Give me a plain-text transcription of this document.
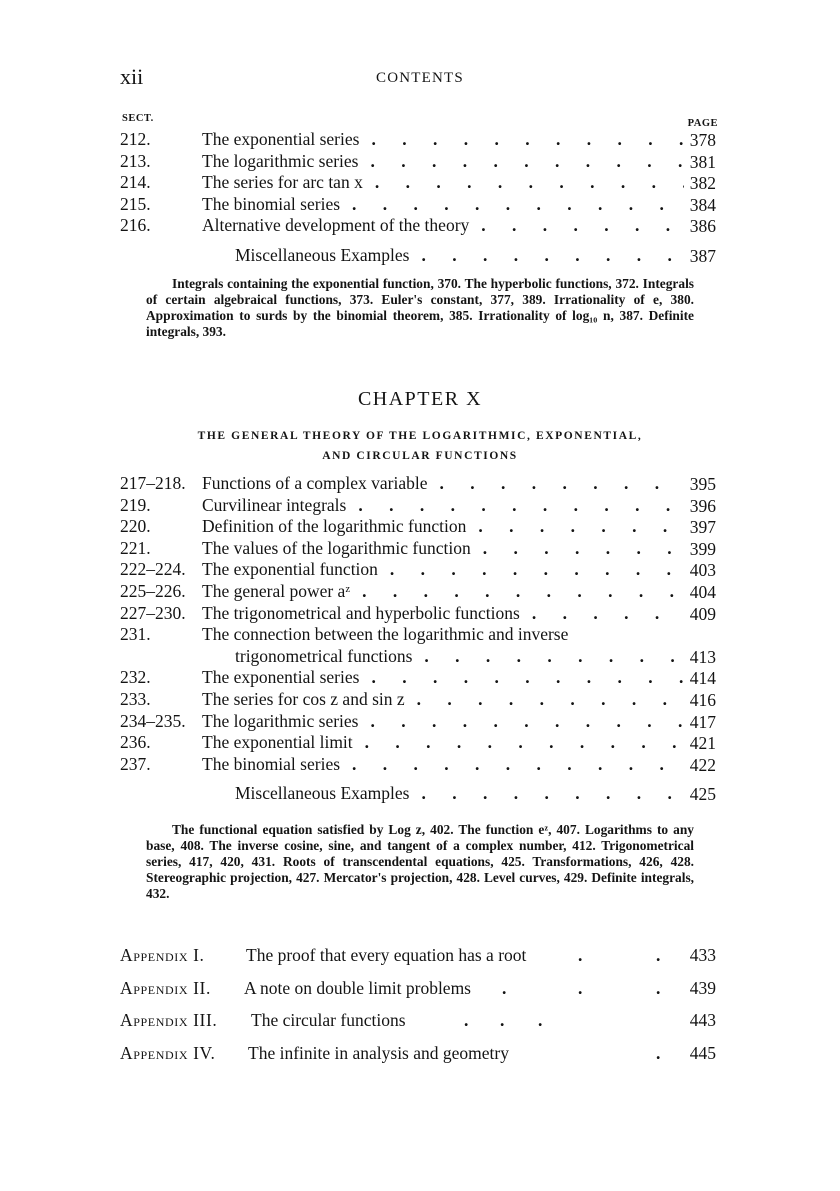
xii	CONTENTS
SECT.	PAGE
212.	The exponential series . . .	378
213.	The logarithmic series . . .	381
214.	The series for arc tan x . . .	382
215.	The binomial series . . .	384
216.	Alternative development of the theory . . .	386
Miscellaneous Examples . . .	387

Integrals containing the exponential function, 370. The hyperbolic functions, 372. Integrals of certain algebraical functions, 373. Euler's constant, 377, 389. Irrationality of e, 380. Approximation to surds by the binomial theorem, 385. Irrationality of log₁₀ n, 387. Definite integrals, 393.

CHAPTER X
THE GENERAL THEORY OF THE LOGARITHMIC, EXPONENTIAL,
AND CIRCULAR FUNCTIONS
217–218. Functions of a complex variable . . .	395
219.	Curvilinear integrals . . .	396
220.	Definition of the logarithmic function . . .	397
221.	The values of the logarithmic function . . .	399
222–224. The exponential function . . .	403
225–226. The general power aᶻ . . .	404
227–230. The trigonometrical and hyperbolic functions . . .	409
231.	The connection between the logarithmic and inverse
trigonometrical functions . . .	413
232.	The exponential series . . .	414
233.	The series for cos z and sin z . . .	416
234–235. The logarithmic series . . .	417
236.	The exponential limit . . .	421
237.	The binomial series . . .	422
Miscellaneous Examples . . .	425

The functional equation satisfied by Log z, 402. The function eᶻ, 407. Logarithms to any base, 408. The inverse cosine, sine, and tangent of a complex number, 412. Trigonometrical series, 417, 420, 431. Roots of transcendental equations, 425. Transformations, 426, 428. Stereographic projection, 427. Mercator's projection, 428. Level curves, 429. Definite integrals, 432.

Appendix I. The proof that every equation has a root	.	. 433
Appendix II. A note on double limit problems .	.	. 439
Appendix III. The circular functions	. . .	443
Appendix IV. The infinite in analysis and geometry	. 445
